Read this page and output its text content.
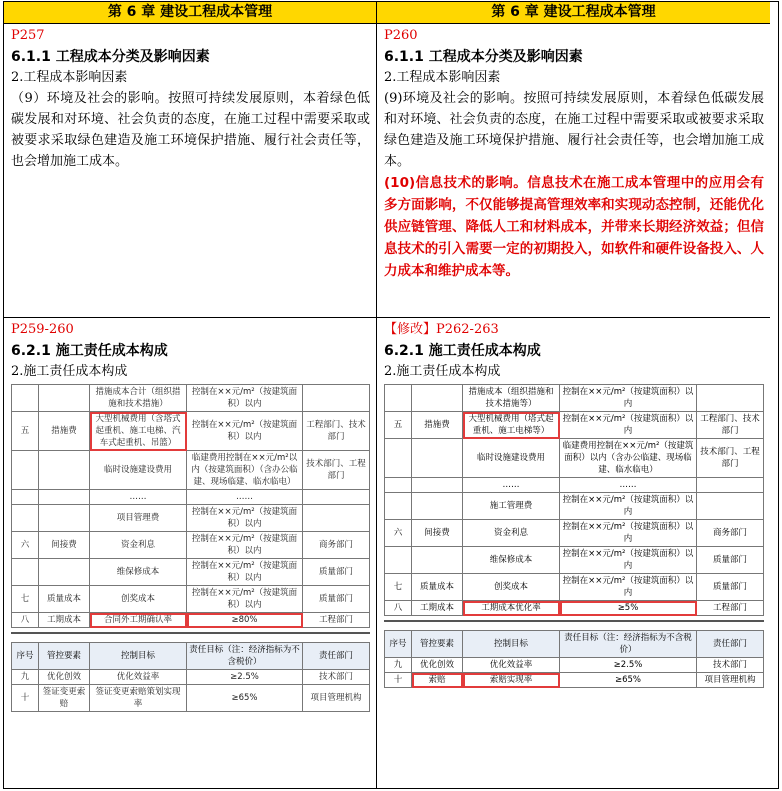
第 6 章 建设工程成本管理	第 6 章 建设工程成本管理
P257
6.1.1 工程成本分类及影响因素
2.工程成本影响因素
（9）环境及社会的影响。按照可持续发展原则，本着绿色低碳发展和对环境、社会负责的态度，在施工过程中需要采取或被要求采取绿色建造及施工环境保护措施、履行社会责任等，也会增加施工成本。
P260
6.1.1 工程成本分类及影响因素
2.工程成本影响因素
(9)环境及社会的影响。按照可持续发展原则，本着绿色低碳发展和对环境、社会负责的态度，在施工过程中需要采取或被要求采取绿色建造及施工环境保护措施、履行社会责任等，也会增加施工成本。
(10)信息技术的影响。信息技术在施工成本管理中的应用会有多方面影响，不仅能够提高管理效率和实现动态控制，还能优化供应链管理、降低人工和材料成本，并带来长期经济效益；但信息技术的引入需要一定的初期投入，如软件和硬件设备投入、人力成本和维护成本等。
P259-260
6.2.1 施工责任成本构成
2.施工责任成本构成
		措施成本合计（组织措施和技术措施）	控制在××元/m²（按建筑面积）以内	
五	措施费	大型机械费用（含塔式起重机、施工电梯、汽车式起重机、吊篮）	控制在××元/m²（按建筑面积）以内	工程部门、技术部门
		临时设施建设费用	临建费用控制在××元/m²以内（按建筑面积）（含办公临建、现场临建、临水临电）	技术部门、工程部门
		……	……	
		项目管理费	控制在××元/m²（按建筑面积）以内	
六	间接费	资金利息	控制在××元/m²（按建筑面积）以内	商务部门
		维保修成本	控制在××元/m²（按建筑面积）以内	质量部门
七	质量成本	创奖成本	控制在××元/m²（按建筑面积）以内	质量部门
八	工期成本	合同外工期确认率	≥80%	工程部门
序号	管控要素	控制目标	责任目标（注：经济指标为不含税价）	责任部门
九	优化创效	优化效益率	≥2.5%	技术部门
十	签证变更索赔	签证变更索赔策划实现率	≥65%	项目管理机构
【修改】P262-263
6.2.1 施工责任成本构成
2.施工责任成本构成
		措施成本（组织措施和技术措施等）	控制在××元/m²（按建筑面积）以内	
五	措施费	大型机械费用（塔式起重机、施工电梯等）	控制在××元/m²（按建筑面积）以内	工程部门、技术部门
		临时设施建设费用	临建费用控制在××元/m²（按建筑面积）以内（含办公临建、现场临建、临水临电）	技术部门、工程部门
		……	……	
		施工管理费	控制在××元/m²（按建筑面积）以内	
六	间接费	资金利息	控制在××元/m²（按建筑面积）以内	商务部门
		维保修成本	控制在××元/m²（按建筑面积）以内	质量部门
七	质量成本	创奖成本	控制在××元/m²（按建筑面积）以内	质量部门
八	工期成本	工期成本优化率	≥5%	工程部门
序号	管控要素	控制目标	责任目标（注：经济指标为不含税价）	责任部门
九	优化创效	优化效益率	≥2.5%	技术部门
十	索赔	索赔实现率	≥65%	项目管理机构
